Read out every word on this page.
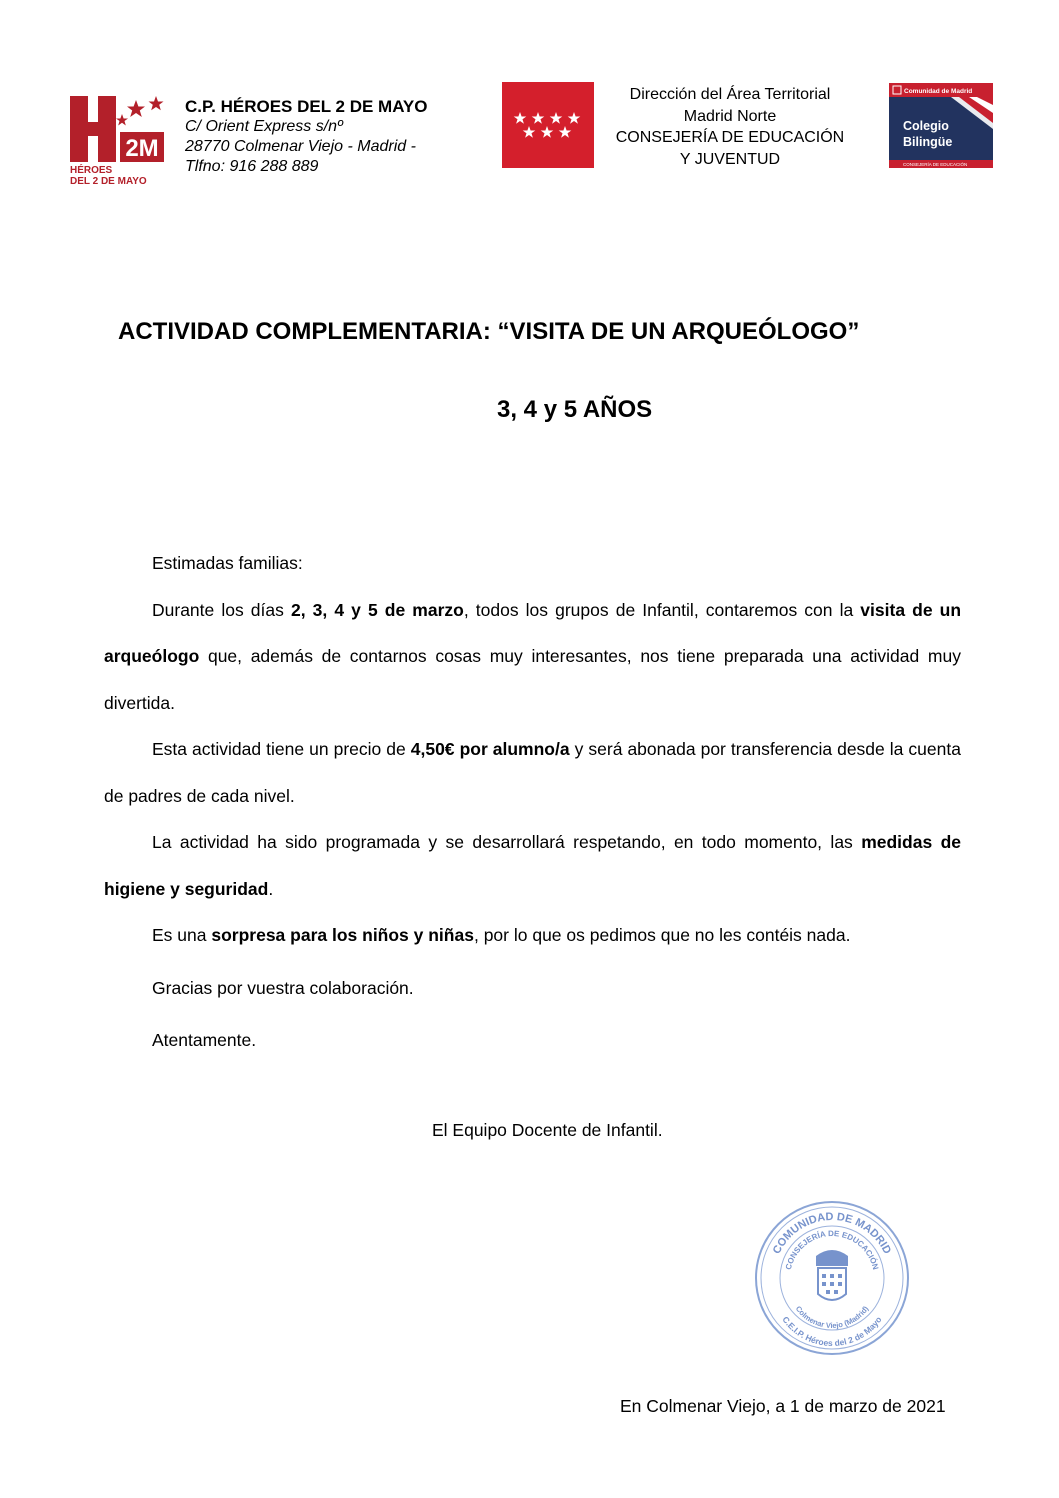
2M
HÉROES
DEL 2 DE MAYO
C.P. HÉROES DEL 2 DE MAYO
C/ Orient Express s/nº
28770 Colmenar Viejo - Madrid -
Tlfno: 916 288 889
Dirección del Área Territorial
Madrid Norte
CONSEJERÍA DE EDUCACIÓN
Y JUVENTUD
Comunidad de Madrid
Colegio
Bilingüe
CONSEJERÍA DE EDUCACIÓN
ACTIVIDAD COMPLEMENTARIA: “VISITA DE UN ARQUEÓLOGO”
3, 4 y 5 AÑOS

Estimadas familias:

Durante los días 2, 3, 4 y 5 de marzo, todos los grupos de Infantil, contaremos con la visita de un arqueólogo que, además de contarnos cosas muy interesantes, nos tiene preparada una actividad muy divertida.

Esta actividad tiene un precio de 4,50€ por alumno/a y será abonada por transferencia desde la cuenta de padres de cada nivel.

La actividad ha sido programada y se desarrollará respetando, en todo momento, las medidas de higiene y seguridad.

Es una sorpresa para los niños y niñas, por lo que os pedimos que no les contéis nada.

Gracias por vuestra colaboración.

Atentamente.

El Equipo Docente de Infantil.
COMUNIDAD DE MADRID
CONSEJERÍA DE EDUCACIÓN
Colmenar Viejo (Madrid)
C.E.I.P. Héroes del 2 de Mayo
En Colmenar Viejo, a 1 de marzo de 2021
